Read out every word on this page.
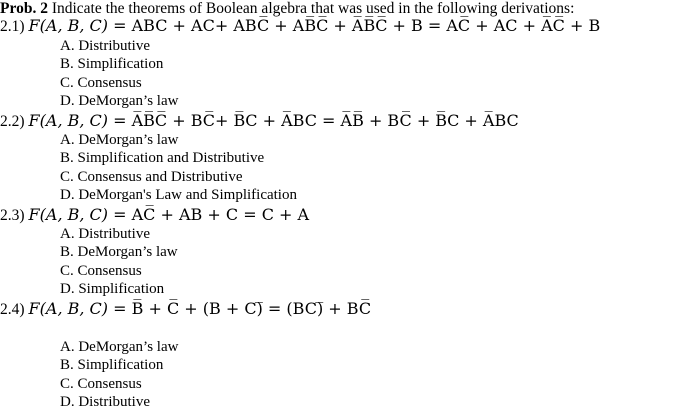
Prob. 2 Indicate the theorems of Boolean algebra that was used in the following derivations:
2.1) F(A, B, C) = ABC + AC+ ABC̅ + AB̅C̅ + A̅B̅C̅ + B = AC̅ + AC + A̅C̅ + B
A. Distributive
B. Simplification
C. Consensus
D. DeMorgan’s law
2.2) F(A, B, C) = A̅B̅C̅ + BC̅+ B̅C + A̅BC = A̅B̅ + BC̅ + B̅C + A̅BC
A. DeMorgan’s law
B. Simplification and Distributive
C. Consensus and Distributive
D. DeMorgan's Law and Simplification
2.3) F(A, B, C) = AC̅ + AB + C = C + A
A. Distributive
B. DeMorgan’s law
C. Consensus
D. Simplification
2.4) F(A, B, C) = B̅ + C̅ + (B + C)̅ = (BC)̅ + BC̅
A. DeMorgan’s law
B. Simplification
C. Consensus
D. Distributive
